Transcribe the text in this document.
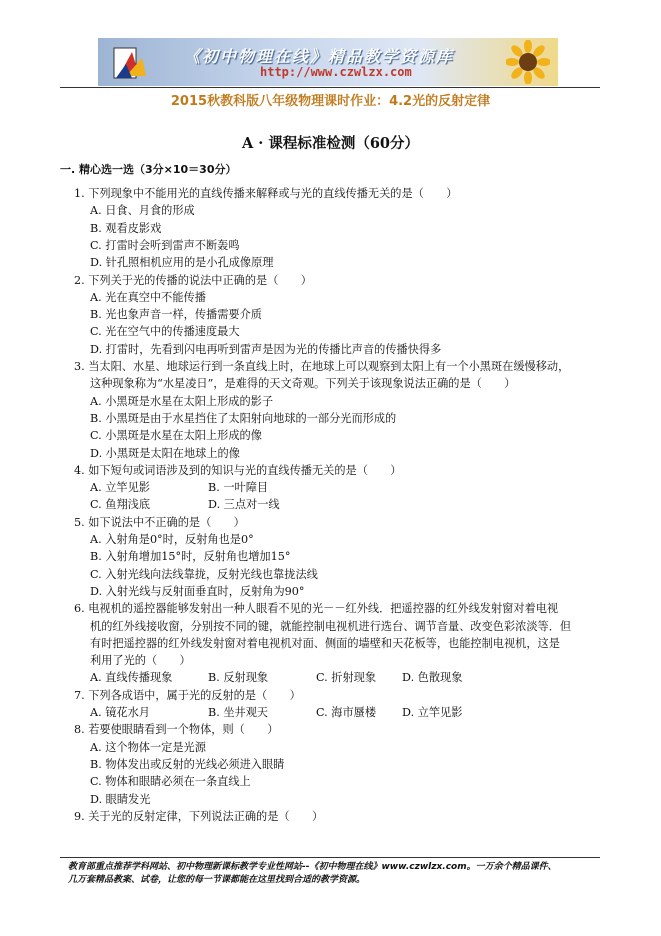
《初中物理在线》精品教学资源库
http://www.czwlzx.com
2015秋教科版八年级物理课时作业：4.2光的反射定律
A · 课程标准检测（60分）
一. 精心选一选（3分×10＝30分）
1. 下列现象中不能用光的直线传播来解释或与光的直线传播无关的是（　　）
A. 日食、月食的形成
B. 观看皮影戏
C. 打雷时会听到雷声不断轰鸣
D. 针孔照相机应用的是小孔成像原理
2. 下列关于光的传播的说法中正确的是（　　）
A. 光在真空中不能传播
B. 光也象声音一样，传播需要介质
C. 光在空气中的传播速度最大
D. 打雷时，先看到闪电再听到雷声是因为光的传播比声音的传播快得多
3. 当太阳、水星、地球运行到一条直线上时，在地球上可以观察到太阳上有一个小黑斑在缓慢移动，
这种现象称为“水星凌日”，是难得的天文奇观。下列关于该现象说法正确的是（　　）
A. 小黑斑是水星在太阳上形成的影子
B. 小黑斑是由于水星挡住了太阳射向地球的一部分光而形成的
C. 小黑斑是水星在太阳上形成的像
D. 小黑斑是太阳在地球上的像
4. 如下短句或词语涉及到的知识与光的直线传播无关的是（　　）
A. 立竿见影	B. 一叶障目
C. 鱼翔浅底	D. 三点对一线
5. 如下说法中不正确的是（　　）
A. 入射角是0°时，反射角也是0°
B. 入射角增加15°时，反射角也增加15°
C. 入射光线向法线靠拢，反射光线也靠拢法线
D. 入射光线与反射面垂直时，反射角为90°
6. 电视机的遥控器能够发射出一种人眼看不见的光－－红外线．把遥控器的红外线发射窗对着电视
机的红外线接收窗，分别按不同的键，就能控制电视机进行选台、调节音量、改变色彩浓淡等．但
有时把遥控器的红外线发射窗对着电视机对面、侧面的墙壁和天花板等，也能控制电视机，这是
利用了光的（　　）
A. 直线传播现象	B. 反射现象	C. 折射现象 D. 色散现象
7. 下列各成语中，属于光的反射的是（　　）
A. 镜花水月	B. 坐井观天	C. 海市蜃楼 D. 立竿见影
8. 若要使眼睛看到一个物体，则（　　）
A. 这个物体一定是光源
B. 物体发出或反射的光线必须进入眼睛
C. 物体和眼睛必须在一条直线上
D. 眼睛发光
9. 关于光的反射定律，下列说法正确的是（　　）
教育部重点推荐学科网站、初中物理新课标教学专业性网站--《初中物理在线》www.czwlzx.com。一万余个精品课件、
几万套精品教案、试卷，让您的每一节课都能在这里找到合适的教学资源。
